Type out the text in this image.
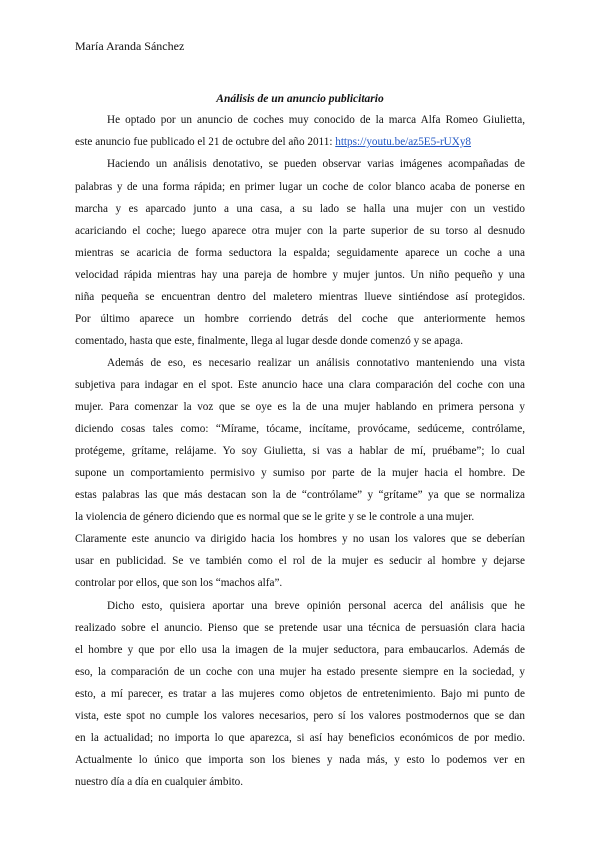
María Aranda Sánchez
Análisis de un anuncio publicitario
He optado por un anuncio de coches muy conocido de la marca Alfa Romeo Giulietta,
este anuncio fue publicado el 21 de octubre del año 2011: https://youtu.be/az5E5-rUXy8
Haciendo un análisis denotativo, se pueden observar varias imágenes acompañadas de
palabras y de una forma rápida; en primer lugar un coche de color blanco acaba de ponerse en
marcha y es aparcado junto a una casa, a su lado se halla una mujer con un vestido
acariciando el coche; luego aparece otra mujer con la parte superior de su torso al desnudo
mientras se acaricia de forma seductora la espalda; seguidamente aparece un coche a una
velocidad rápida mientras hay una pareja de hombre y mujer juntos. Un niño pequeño y una
niña pequeña se encuentran dentro del maletero mientras llueve sintiéndose así protegidos.
Por último aparece un hombre corriendo detrás del coche que anteriormente hemos
comentado, hasta que este, finalmente, llega al lugar desde donde comenzó y se apaga.
Además de eso, es necesario realizar un análisis connotativo manteniendo una vista
subjetiva para indagar en el spot. Este anuncio hace una clara comparación del coche con una
mujer. Para comenzar la voz que se oye es la de una mujer hablando en primera persona y
diciendo cosas tales como: “Mírame, tócame, incítame, provócame, sedúceme, contrólame,
protégeme, grítame, relájame. Yo soy Giulietta, si vas a hablar de mí, pruébame”; lo cual
supone un comportamiento permisivo y sumiso por parte de la mujer hacia el hombre. De
estas palabras las que más destacan son la de “contrólame” y “grítame” ya que se normaliza
la violencia de género diciendo que es normal que se le grite y se le controle a una mujer.
Claramente este anuncio va dirigido hacia los hombres y no usan los valores que se deberían
usar en publicidad. Se ve también como el rol de la mujer es seducir al hombre y dejarse
controlar por ellos, que son los “machos alfa”.
Dicho esto, quisiera aportar una breve opinión personal acerca del análisis que he
realizado sobre el anuncio. Pienso que se pretende usar una técnica de persuasión clara hacia
el hombre y que por ello usa la imagen de la mujer seductora, para embaucarlos. Además de
eso, la comparación de un coche con una mujer ha estado presente siempre en la sociedad, y
esto, a mí parecer, es tratar a las mujeres como objetos de entretenimiento. Bajo mi punto de
vista, este spot no cumple los valores necesarios, pero sí los valores postmodernos que se dan
en la actualidad; no importa lo que aparezca, si así hay beneficios económicos de por medio.
Actualmente lo único que importa son los bienes y nada más, y esto lo podemos ver en
nuestro día a día en cualquier ámbito.
